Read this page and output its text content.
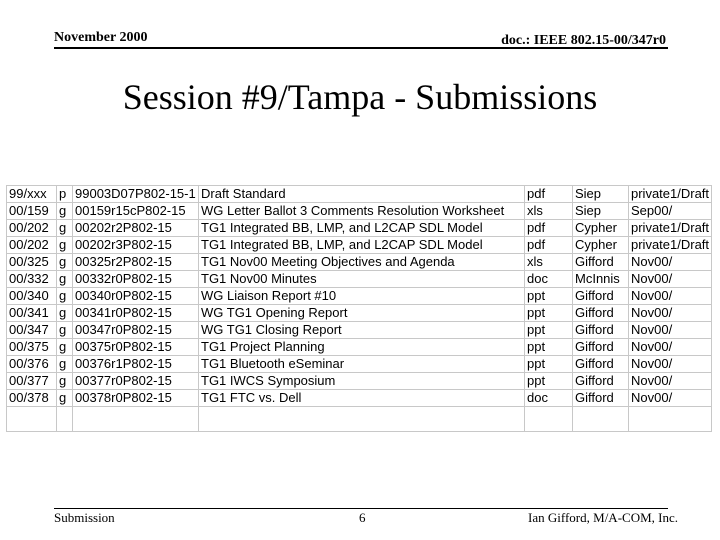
November 2000	doc.: IEEE 802.15-00/347r0
Session #9/Tampa - Submissions
99/xxx	p	99003D07P802-15-1	Draft Standard	pdf	Siep	private1/Draft
00/159	g	00159r15cP802-15	WG Letter Ballot 3 Comments Resolution Worksheet	xls	Siep	Sep00/
00/202	g	00202r2P802-15	TG1 Integrated BB, LMP, and L2CAP SDL Model	pdf	Cypher	private1/Draft
00/202	g	00202r3P802-15	TG1 Integrated BB, LMP, and L2CAP SDL Model	pdf	Cypher	private1/Draft
00/325	g	00325r2P802-15	TG1 Nov00 Meeting Objectives and Agenda	xls	Gifford	Nov00/
00/332	g	00332r0P802-15	TG1 Nov00 Minutes	doc	McInnis	Nov00/
00/340	g	00340r0P802-15	WG Liaison Report #10	ppt	Gifford	Nov00/
00/341	g	00341r0P802-15	WG TG1 Opening Report	ppt	Gifford	Nov00/
00/347	g	00347r0P802-15	WG TG1 Closing Report	ppt	Gifford	Nov00/
00/375	g	00375r0P802-15	TG1 Project Planning	ppt	Gifford	Nov00/
00/376	g	00376r1P802-15	TG1 Bluetooth eSeminar	ppt	Gifford	Nov00/
00/377	g	00377r0P802-15	TG1 IWCS Symposium	ppt	Gifford	Nov00/
00/378	g	00378r0P802-15	TG1 FTC vs. Dell	doc	Gifford	Nov00/

Submission	6	Ian Gifford, M/A-COM, Inc.
